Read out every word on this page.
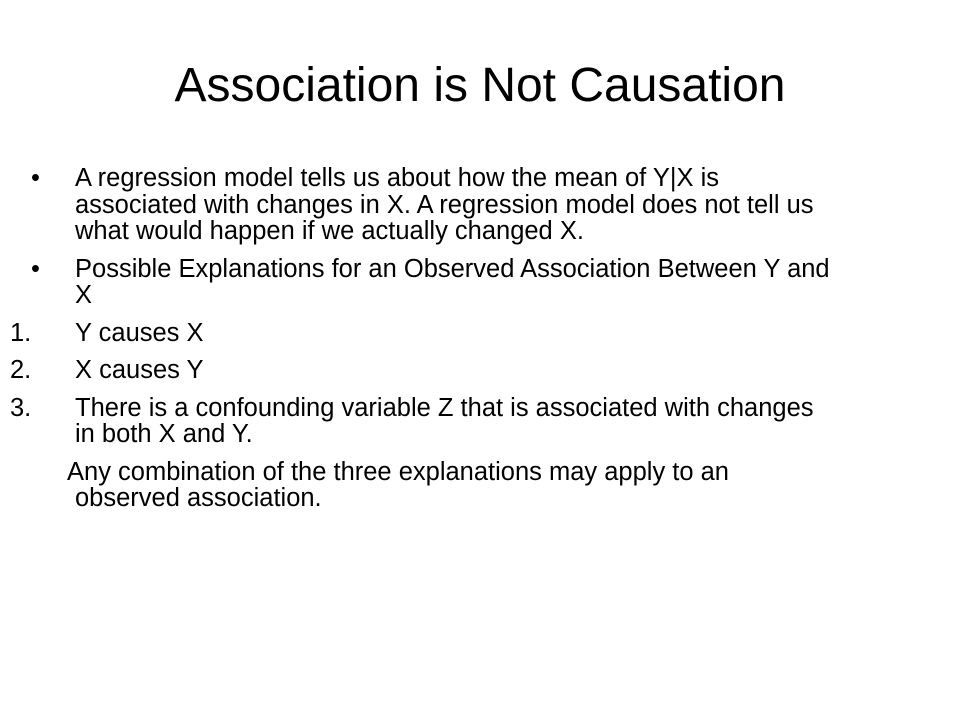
Association is Not Causation
• A regression model tells us about how the mean of Y|X is associated with changes in X. A regression model does not tell us what would happen if we actually changed X.
• Possible Explanations for an Observed Association Between Y and X
1. Y causes X
2. X causes Y
3. There is a confounding variable Z that is associated with changes in both X and Y.
Any combination of the three explanations may apply to an observed association.
